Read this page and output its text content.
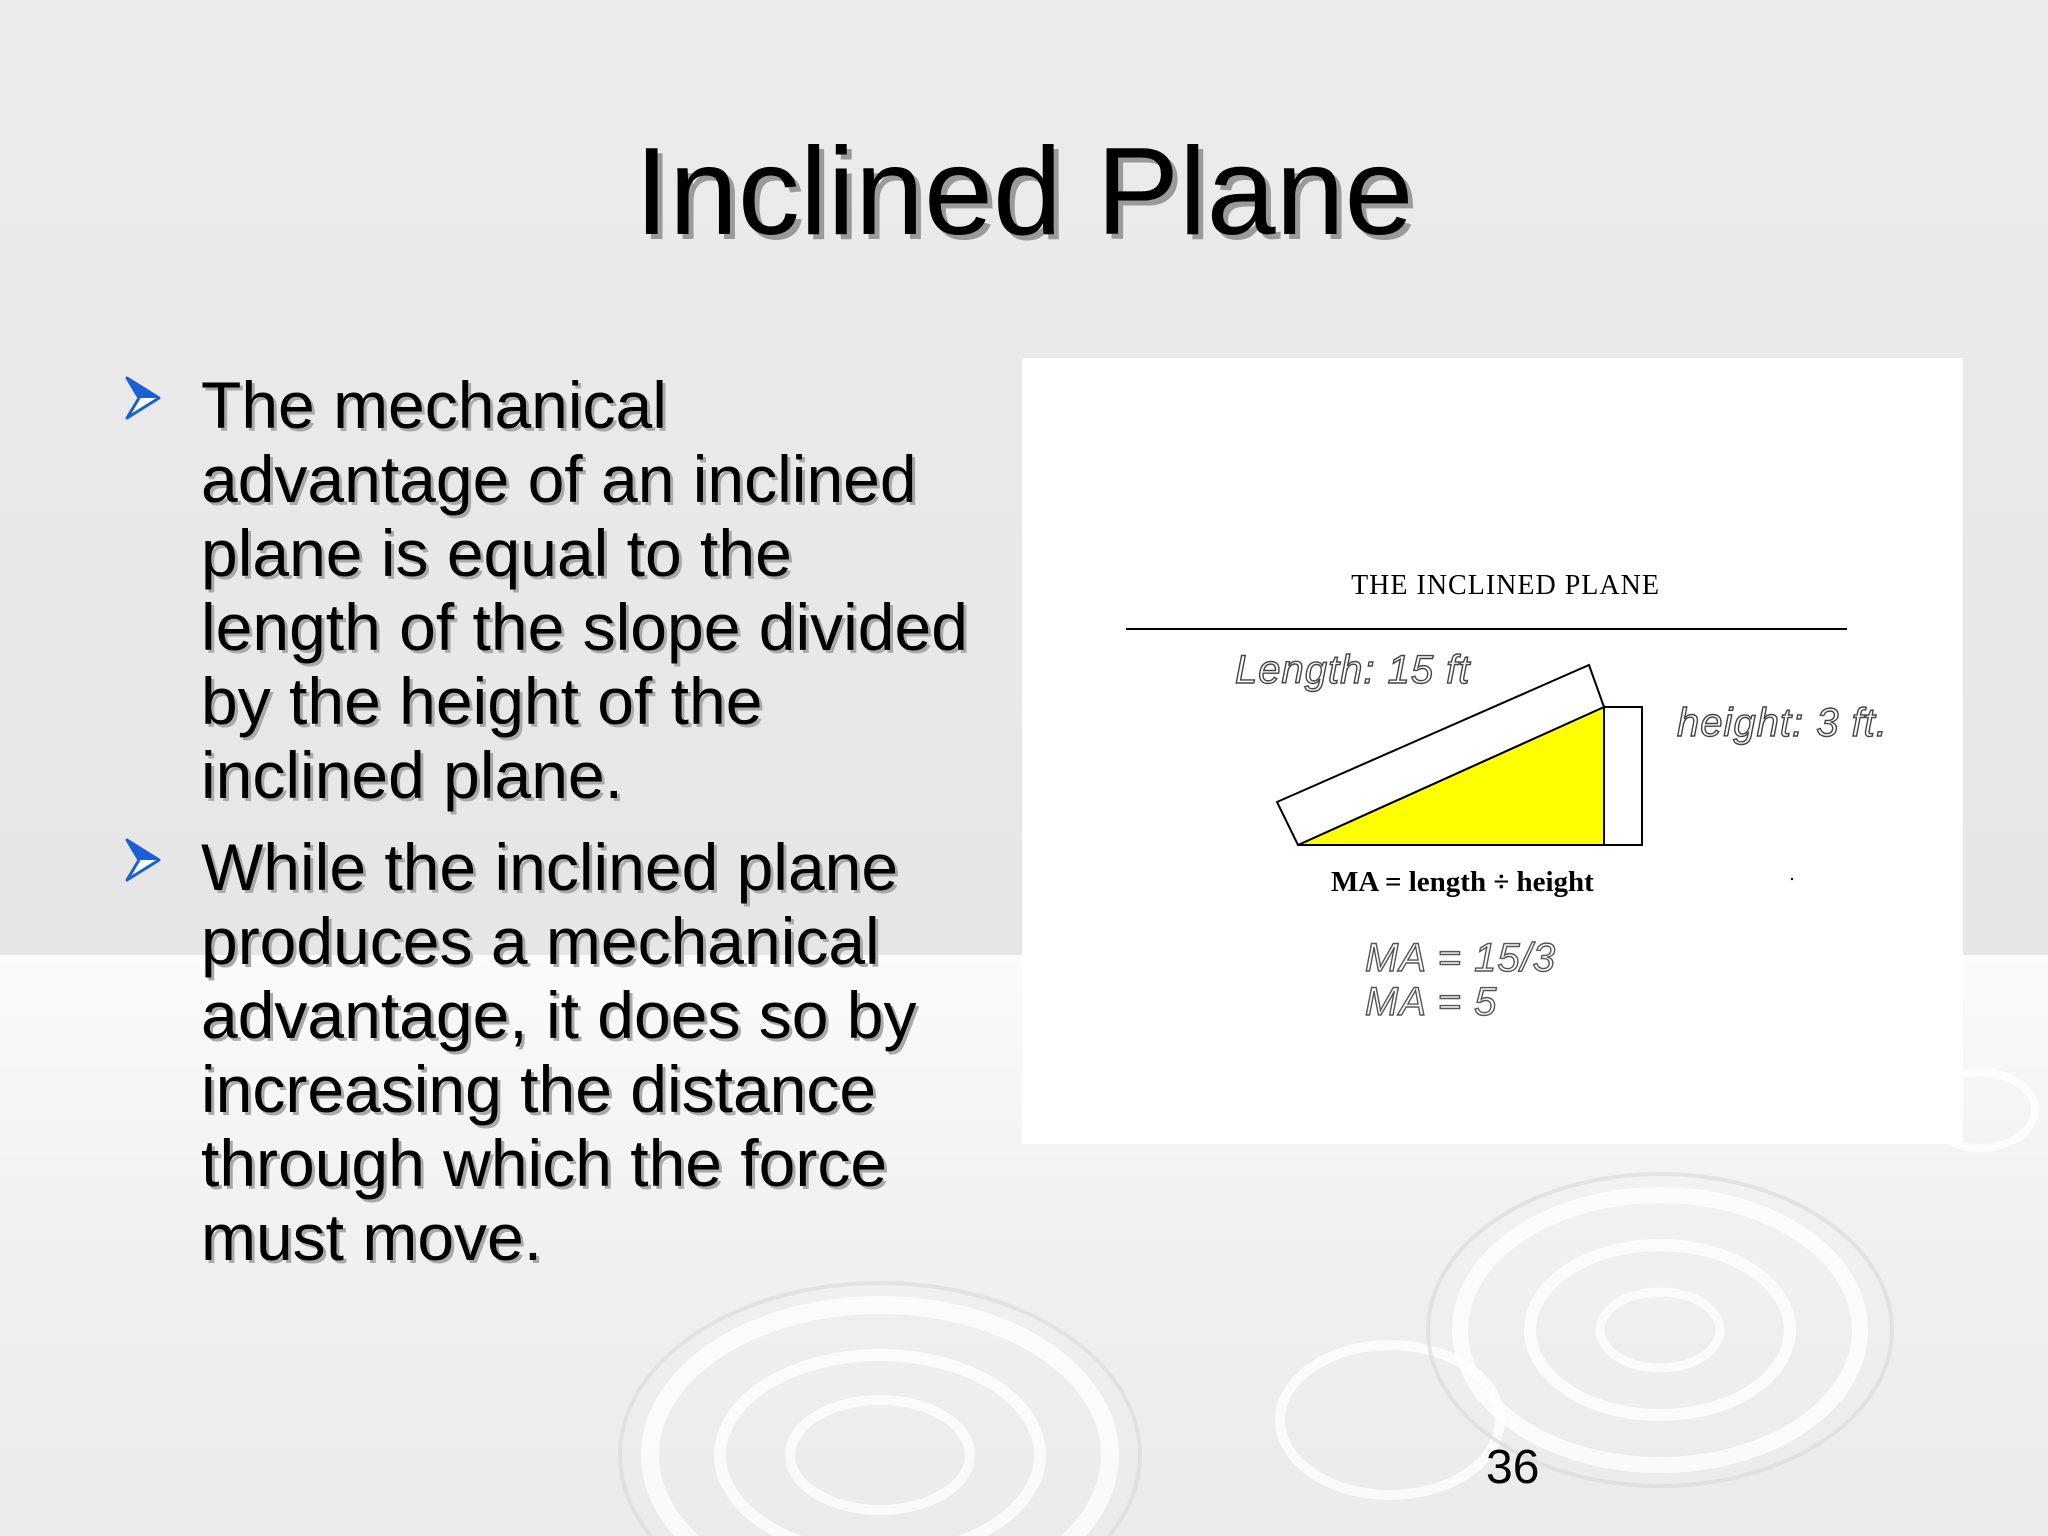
Inclined Plane
The mechanical advantage of an inclined plane is equal to the length of the slope divided by the height of the inclined plane.
While the inclined plane produces a mechanical advantage, it does so by increasing the distance through which the force must move.
THE INCLINED PLANE
Length: 15 ft
height: 3 ft.
MA = length ÷ height
MA = 15/3
MA = 5
36
